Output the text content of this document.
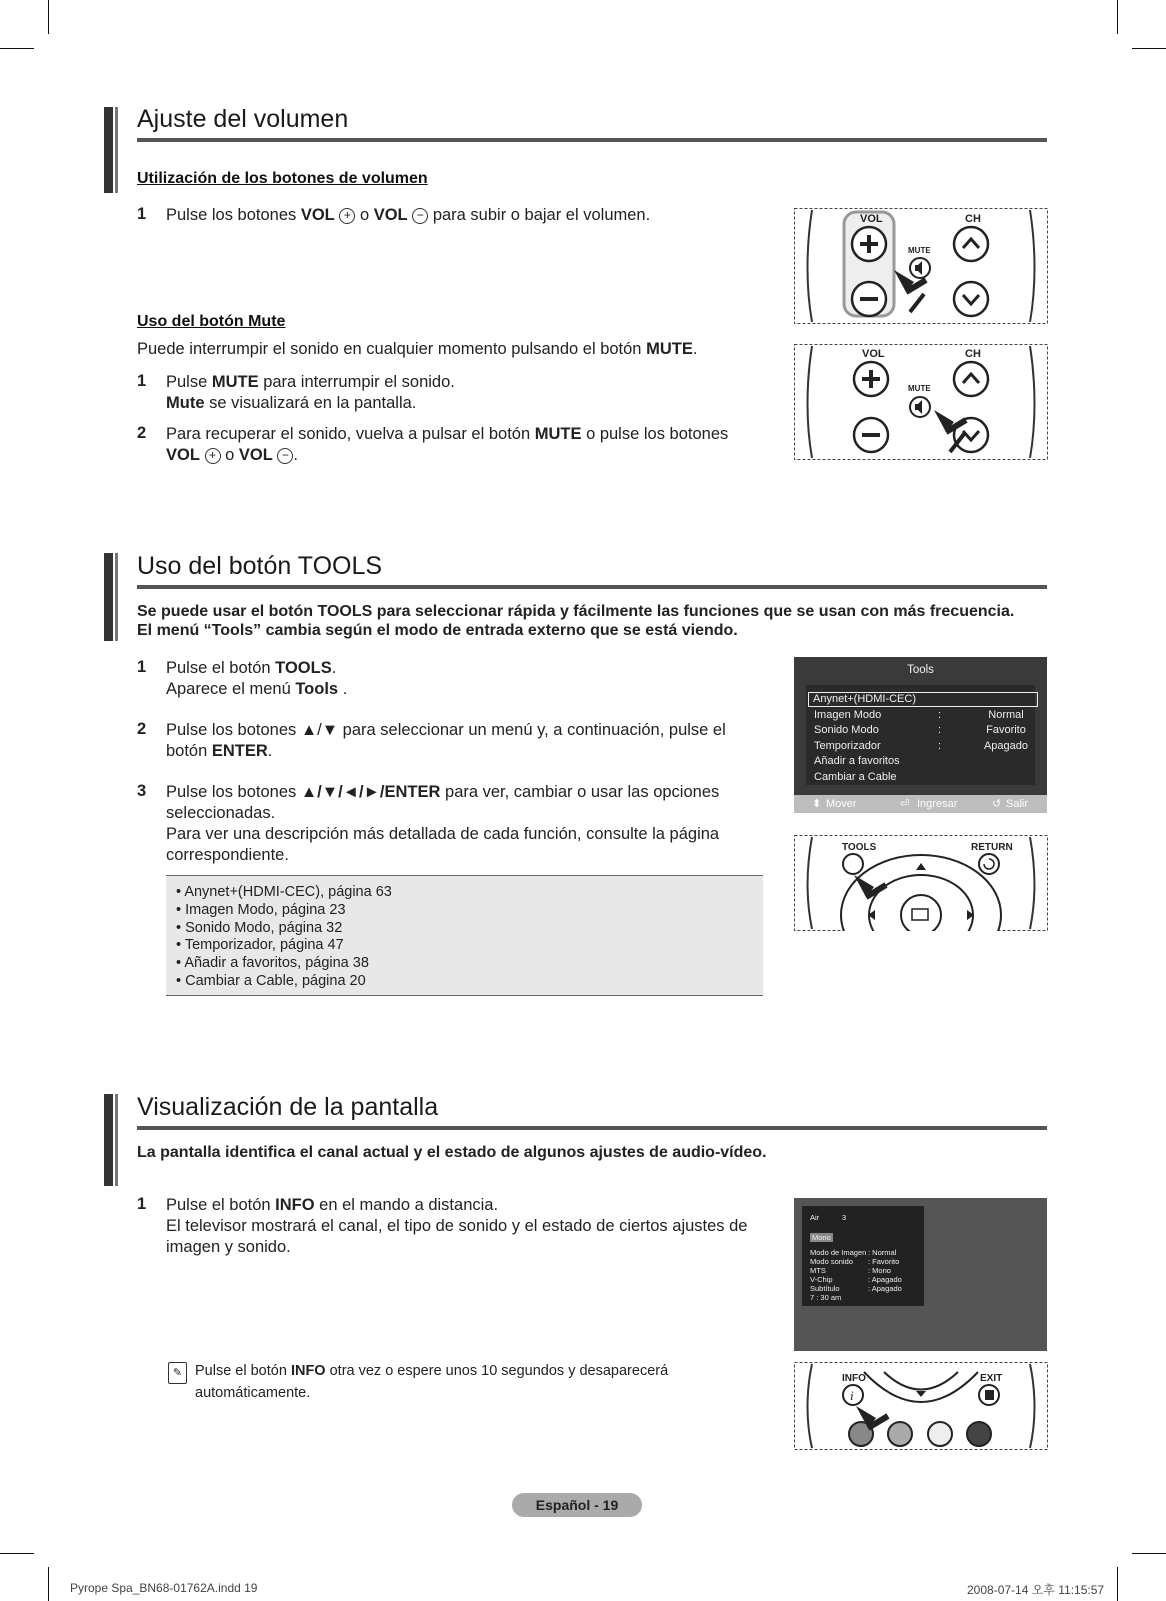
Ajuste del volumen
Utilización de los botones de volumen
1 Pulse los botones VOL + o VOL − para subir o bajar el volumen.
Uso del botón Mute
Puede interrumpir el sonido en cualquier momento pulsando el botón MUTE.
1 Pulse MUTE para interrumpir el sonido.
Mute se visualizará en la pantalla.
2 Para recuperar el sonido, vuelva a pulsar el botón MUTE o pulse los botones
VOL + o VOL − .
VOL	CH
MUTE
VOL	CH
MUTE
Uso del botón TOOLS
Se puede usar el botón TOOLS para seleccionar rápida y fácilmente las funciones que se usan con más frecuencia. El menú “Tools” cambia según el modo de entrada externo que se está viendo.
1 Pulse el botón TOOLS.
Aparece el menú Tools .
2 Pulse los botones ▲/▼ para seleccionar un menú y, a continuación, pulse el botón ENTER.
3 Pulse los botones ▲/▼/◄/►/ENTER para ver, cambiar o usar las opciones seleccionadas.
Para ver una descripción más detallada de cada función, consulte la página correspondiente.
• Anynet+(HDMI-CEC), página 63
• Imagen Modo, página 23
• Sonido Modo, página 32
• Temporizador, página 47
• Añadir a favoritos, página 38
• Cambiar a Cable, página 20
Tools
Anynet+(HDMI-CEC)
Imagen Modo	:	Normal
Sonido Modo	:	Favorito
Temporizador	:	Apagado
Añadir a favoritos
Cambiar a Cable
⬍ Mover	⏎ Ingresar	↺ Salir
TOOLS	RETURN
Visualización de la pantalla
La pantalla identifica el canal actual y el estado de algunos ajustes de audio-vídeo.
1 Pulse el botón INFO en el mando a distancia.
El televisor mostrará el canal, el tipo de sonido y el estado de ciertos ajustes de imagen y sonido.
✎ Pulse el botón INFO otra vez o espere unos 10 segundos y desaparecerá automáticamente.
Air	3
Mono
Modo de Imagen : Normal
Modo sonido : Favorito
MTS	: Mono
V-Chip	: Apagado
Subtítulo	: Apagado
7 : 30 am
i
INFO	EXIT
Español - 19
Pyrope Spa_BN68-01762A.indd 19	2008-07-14 오후 11:15:57
